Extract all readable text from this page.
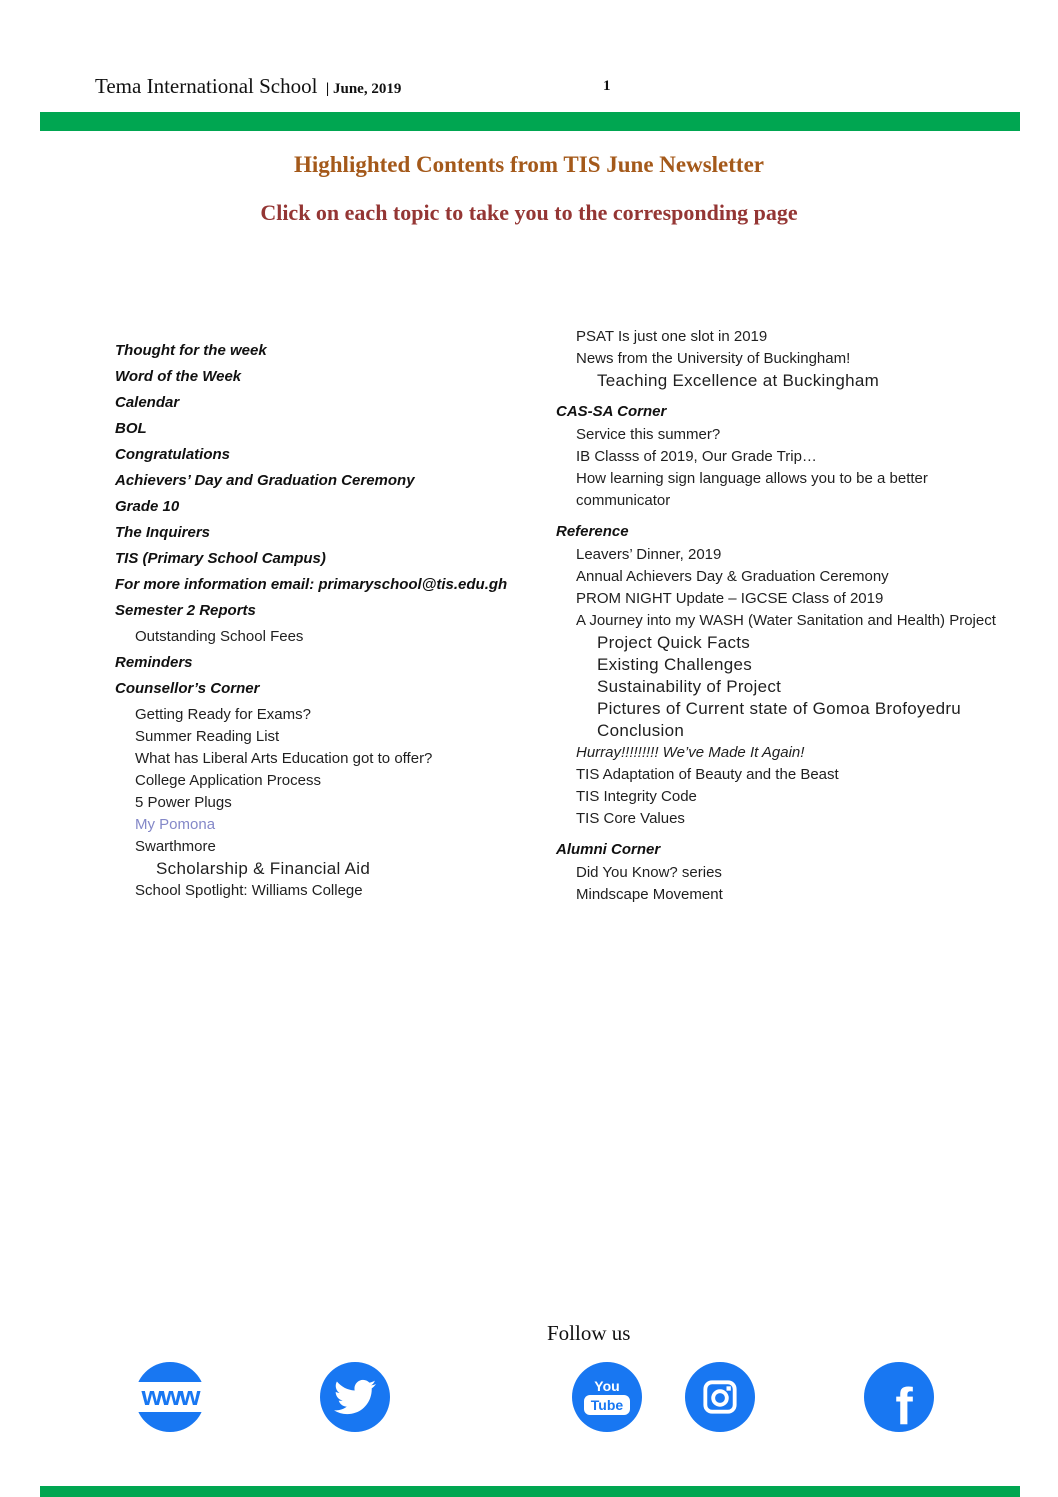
Tema International School | June, 2019	1
Highlighted Contents from TIS June Newsletter
Click on each topic to take you to the corresponding page
Thought for the week
Word of the Week
Calendar
BOL
Congratulations
Achievers’ Day and Graduation Ceremony
Grade 10
The Inquirers
TIS (Primary School Campus)
For more information email: primaryschool@tis.edu.gh
Semester 2 Reports
Outstanding School Fees
Reminders
Counsellor’s Corner
Getting Ready for Exams?
Summer Reading List
What has Liberal Arts Education got to offer?
College Application Process
5 Power Plugs
My Pomona
Swarthmore
Scholarship & Financial Aid
School Spotlight: Williams College
PSAT Is just one slot in 2019
News from the University of Buckingham!
Teaching Excellence at Buckingham
CAS-SA Corner
Service this summer?
IB Classs of 2019, Our Grade Trip…
How learning sign language allows you to be a better communicator
Reference
Leavers’ Dinner, 2019
Annual Achievers Day & Graduation Ceremony
PROM NIGHT Update – IGCSE Class of 2019
A Journey into my WASH (Water Sanitation and Health) Project
Project Quick Facts
Existing Challenges
Sustainability of Project
Pictures of Current state of Gomoa Brofoyedru
Conclusion
Hurray!!!!!!!!! We’ve Made It Again!
TIS Adaptation of Beauty and the Beast
TIS Integrity Code
TIS Core Values
Alumni Corner
Did You Know? series
Mindscape Movement
Follow us
www	You
Tube	f
